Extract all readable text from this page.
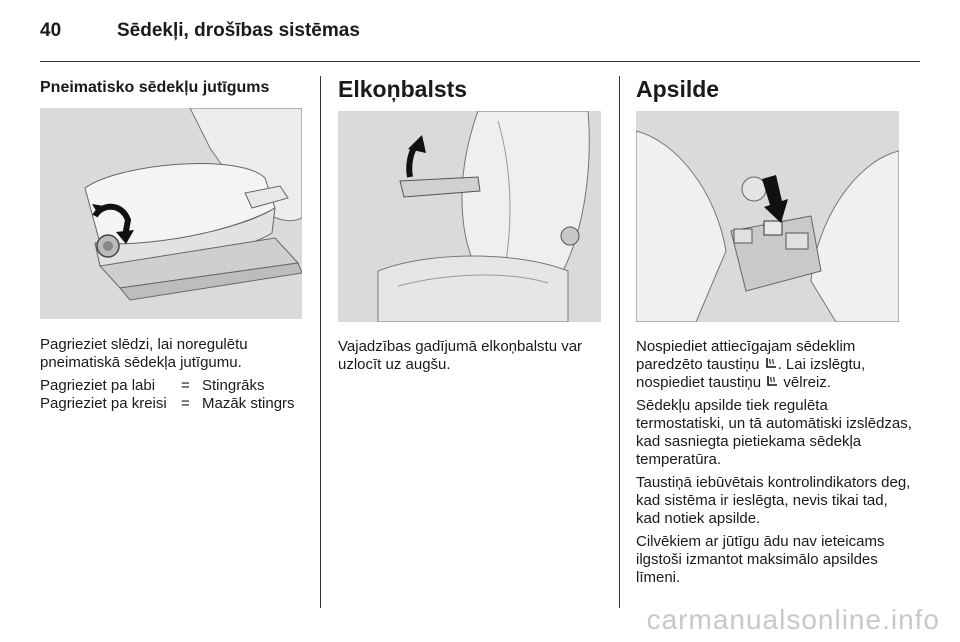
40	Sēdekļi, drošības sistēmas
Pneimatisko sēdekļu jutīgums
Pagrieziet slēdzi, lai noregulētu pneimatiskā sēdekļa jutīgumu.
Pagrieziet pa labi	= Stingrāks
Pagrieziet pa kreisi = Mazāk stingrs
Elkoņbalsts
Vajadzības gadījumā elkoņbalstu var uzlocīt uz augšu.
Apsilde

Nospiediet attiecīgajam sēdeklim paredzēto taustiņu . Lai izslēgtu, nospiediet taustiņu  vēlreiz.

Sēdekļu apsilde tiek regulēta termostatiski, un tā automātiski izslēdzas, kad sasniegta pietiekama sēdekļa temperatūra.

Taustiņā iebūvētais kontrolindikators deg, kad sistēma ir ieslēgta, nevis tikai tad, kad notiek apsilde.

Cilvēkiem ar jūtīgu ādu nav ieteicams ilgstoši izmantot maksimālo apsildes līmeni.

carmanualsonline.info
